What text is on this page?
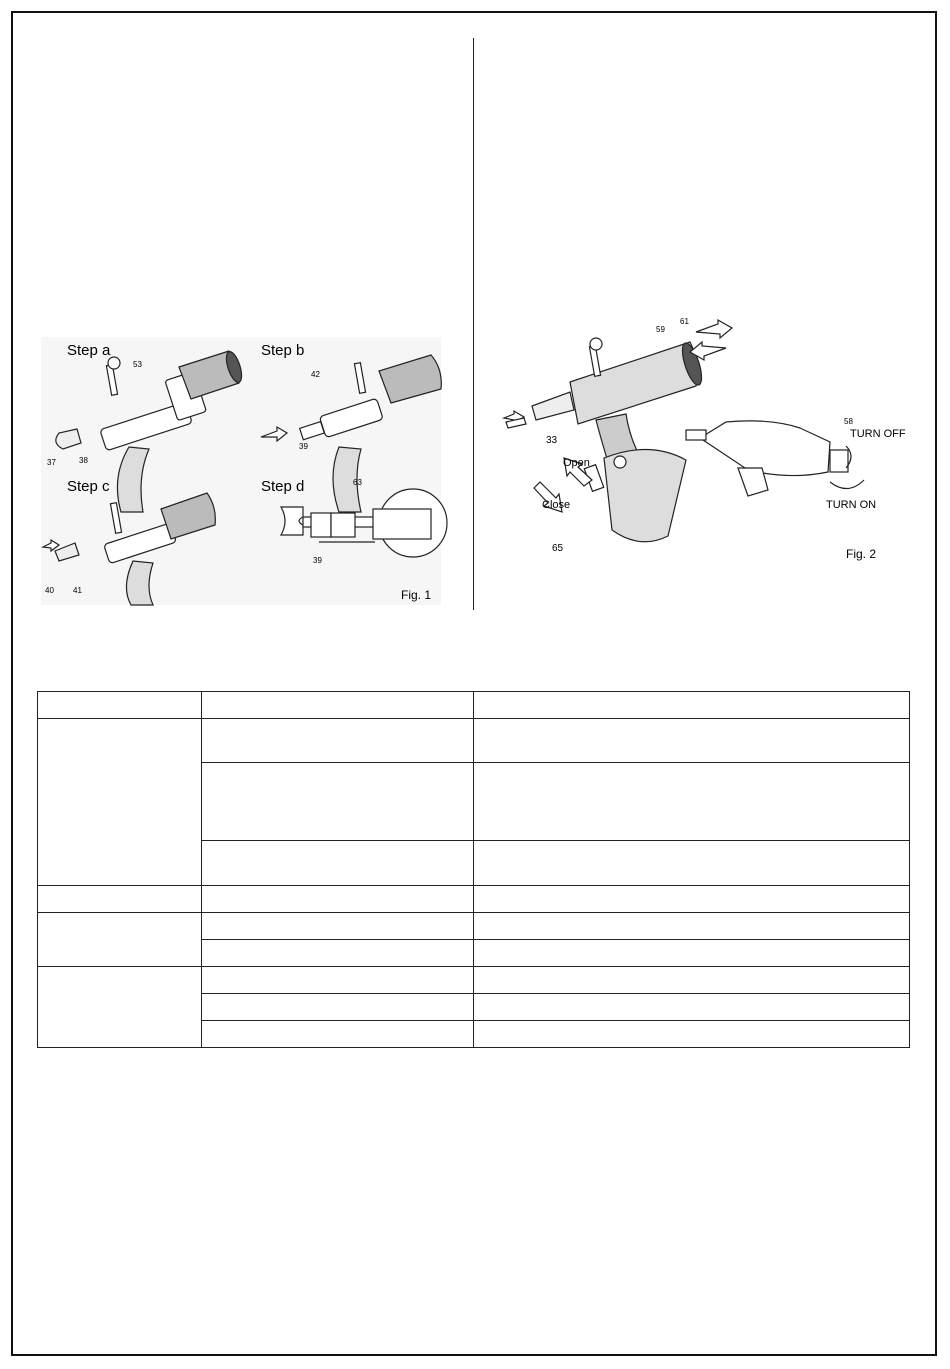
Step a
53
37	38
Step b
42
39
Step c
40 41
Step d	63
39
Fig. 1
59
61
33
65
58
Open
Close
TURN OFF
TURN ON
Fig. 2
